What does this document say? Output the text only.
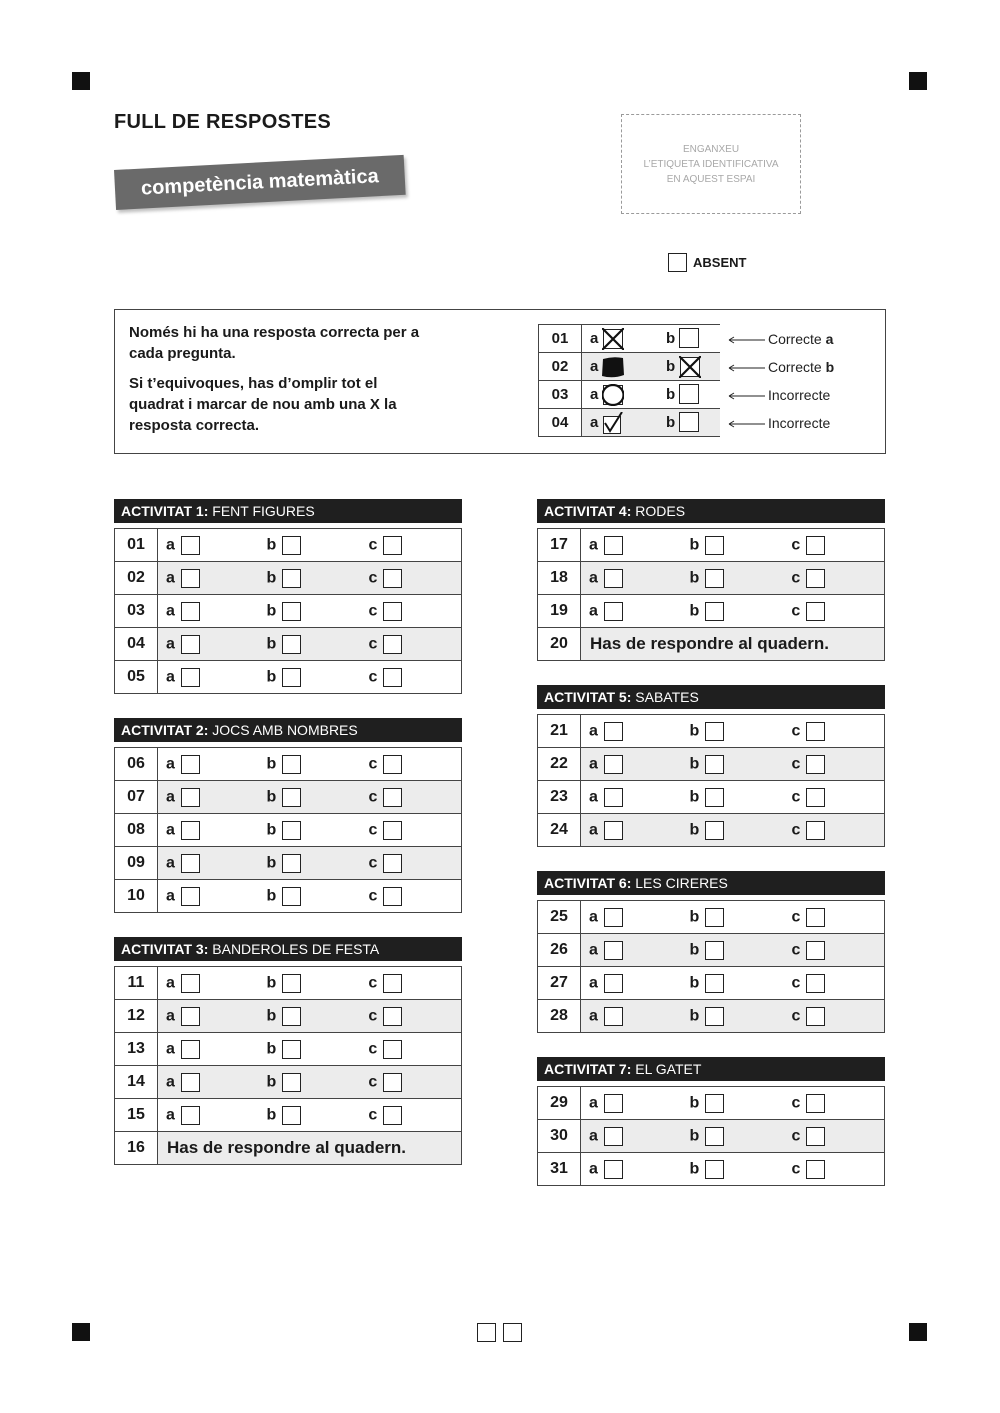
FULL DE RESPOSTES
competència matemàtica
ENGANXEU
L’ETIQUETA IDENTIFICATIVA
EN AQUEST ESPAI
ABSENT

Només hi ha una resposta correcta per a cada pregunta.

Si t’equivoques, has d’omplir tot el quadrat i marcar de nou amb una X la resposta correcta.

01	a	b	Correcte a
02	a	b	Correcte b
03	a	b	Incorrecte
04	a	b	Incorrecte
ACTIVITAT 1: FENT FIGURES
01	a	b	c
02	a	b	c
03	a	b	c
04	a	b	c
05	a	b	c
ACTIVITAT 2: JOCS AMB NOMBRES
06	a	b	c
07	a	b	c
08	a	b	c
09	a	b	c
10	a	b	c
ACTIVITAT 3: BANDEROLES DE FESTA
11	a	b	c
12	a	b	c
13	a	b	c
14	a	b	c
15	a	b	c
16	Has de respondre al quadern.		
ACTIVITAT 4: RODES
17	a	b	c
18	a	b	c
19	a	b	c
20	Has de respondre al quadern.		
ACTIVITAT 5: SABATES
21	a	b	c
22	a	b	c
23	a	b	c
24	a	b	c
ACTIVITAT 6: LES CIRERES
25	a	b	c
26	a	b	c
27	a	b	c
28	a	b	c
ACTIVITAT 7: EL GATET
29	a	b	c
30	a	b	c
31	a	b	c
